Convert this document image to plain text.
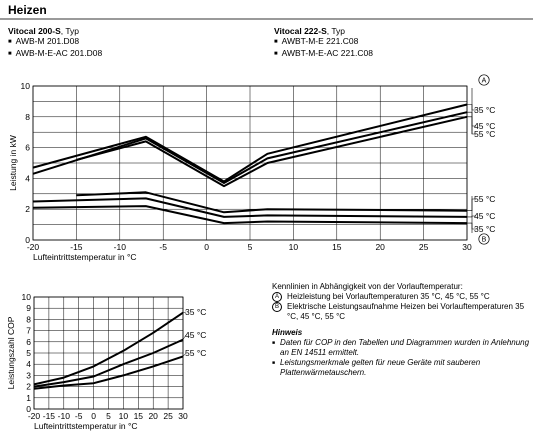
Heizen
Vitocal 200-S, Typ
■ AWB-M 201.D08
■ AWB-M-E-AC 201.D08
Vitocal 222-S, Typ
■ AWBT-M-E 221.C08
■ AWBT-M-E-AC 221.C08
-20	-15	-10	-5	0	5	10	15	20	25	30
0
2
4
6
8
10
Lufteintrittstemperatur in °C
Leistung in kW
35 °C
45 °C
55 °C
55 °C
45 °C
35 °C
A
B
-20 -15 -10 -5 0 5 10 15 20 25 30
0
1
2
3
4
5
6
7
8
9
10
Lufteintrittstemperatur in °C
Leistungszahl COP
35 °C
45 °C
55 °C
Kennlinien in Abhängigkeit von der Vorlauftemperatur:
A	Heizleistung bei Vorlauftemperaturen 35 °C, 45 °C, 55 °C
B	Elektrische Leistungsaufnahme Heizen bei Vorlauftemperaturen 35 °C, 45 °C, 55 °C
Hinweis
■ Daten für COP in den Tabellen und Diagrammen wurden in Anlehnung an EN 14511 ermittelt.
■ Leistungsmerkmale gelten für neue Geräte mit sauberen Plattenwärmetauschern.
